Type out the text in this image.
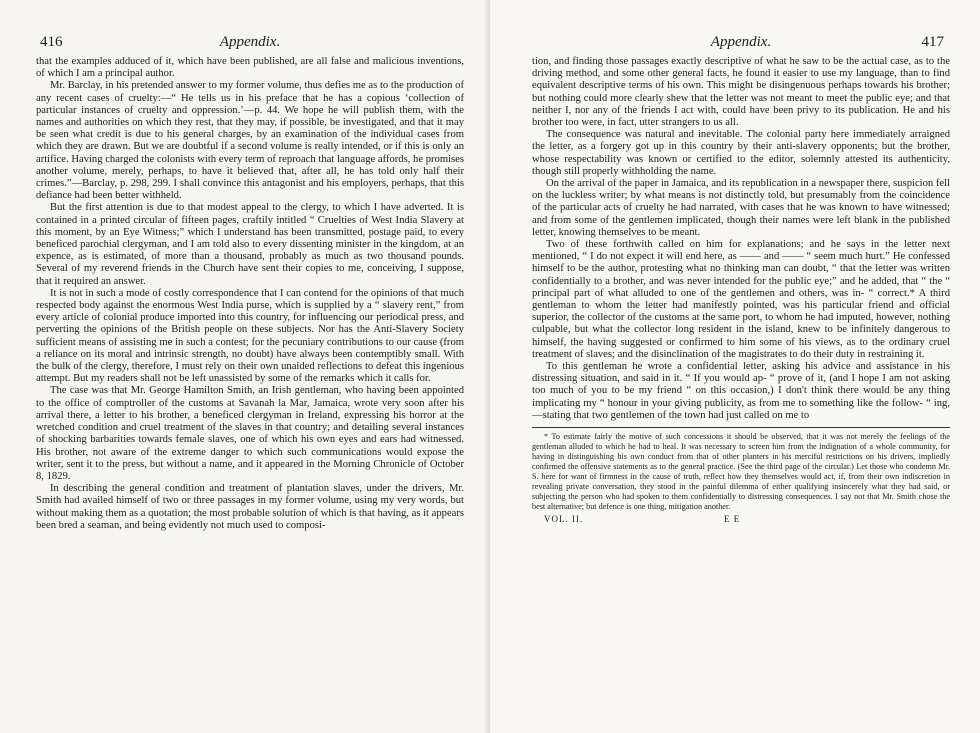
416	Appendix.

that the examples adduced of it, which have been published, are all false and malicious inventions, of which I am a principal author.

Mr. Barclay, in his pretended answer to my former volume, thus defies me as to the production of any recent cases of cruelty:—“ He tells us in his preface that he has a copious ‘collection of particular instances of cruelty and oppression.’—p. 44. We hope he will publish them, with the names and authorities on which they rest, that they may, if possible, be investigated, and that it may be seen what credit is due to his general charges, by an examination of the individual cases from which they are drawn. But we are doubtful if a second volume is really intended, or if this is only an artifice. Having charged the colonists with every term of reproach that language affords, he promises another volume, merely, perhaps, to have it believed that, after all, he has told only half their crimes.”—Barclay, p. 298, 299. I shall convince this antagonist and his employers, perhaps, that this defiance had been better withheld.

But the first attention is due to that modest appeal to the clergy, to which I have adverted. It is contained in a printed circular of fifteen pages, craftily intitled “ Cruelties of West India Slavery at this moment, by an Eye Witness;” which I understand has been transmitted, postage paid, to every beneficed parochial clergyman, and I am told also to every dissenting minister in the kingdom, at an expence, as is estimated, of more than a thousand, probably as much as two thousand pounds. Several of my reverend friends in the Church have sent their copies to me, conceiving, I suppose, that it required an answer.

It is not in such a mode of costly correspondence that I can contend for the opinions of that much respected body against the enormous West India purse, which is supplied by a “ slavery rent,” from every article of colonial produce imported into this country, for influencing our periodical press, and perverting the opinions of the British people on these subjects. Nor has the Anti-Slavery Society sufficient means of assisting me in such a contest; for the pecuniary contributions to our cause (from a reliance on its moral and intrinsic strength, no doubt) have always been contemptibly small. With the bulk of the clergy, therefore, I must rely on their own unaided reflections to defeat this ingenious attempt. But my readers shall not be left unassisted by some of the remarks which it calls for.

The case was that Mr. George Hamilton Smith, an Irish gentleman, who having been appointed to the office of comptroller of the customs at Savanah la Mar, Jamaica, wrote very soon after his arrival there, a letter to his brother, a beneficed clergyman in Ireland, expressing his horror at the wretched condition and cruel treatment of the slaves in that country; and detailing several instances of shocking barbarities towards female slaves, one of which his own eyes and ears had witnessed. His brother, not aware of the extreme danger to which such communications would expose the writer, sent it to the press, but without a name, and it appeared in the Morning Chronicle of October 8, 1829.

In describing the general condition and treatment of plantation slaves, under the drivers, Mr. Smith had availed himself of two or three passages in my former volume, using my very words, but without making them as a quotation; the most probable solution of which is that having, as it appears been bred a seaman, and being evidently not much used to composi-

Appendix.	417

tion, and finding those passages exactly descriptive of what he saw to be the actual case, as to the driving method, and some other general facts, he found it easier to use my language, than to find equivalent descriptive terms of his own. This might be disingenuous perhaps towards his brother; but nothing could more clearly shew that the letter was not meant to meet the public eye; and that neither I, nor any of the friends I act with, could have been privy to its publication. He and his brother too were, in fact, utter strangers to us all.

The consequence was natural and inevitable. The colonial party here immediately arraigned the letter, as a forgery got up in this country by their anti-slavery opponents; but the brother, whose respectability was known or certified to the editor, solemnly attested its authenticity, though still properly withholding the name.

On the arrival of the paper in Jamaica, and its republication in a newspaper there, suspicion fell on the luckless writer; by what means is not distinctly told, but presumably from the coincidence of the particular acts of cruelty he had narrated, with cases that he was known to have witnessed; and from some of the gentlemen implicated, though their names were left blank in the published letter, knowing themselves to be meant.

Two of these forthwith called on him for explanations; and he says in the letter next mentioned, “ I do not expect it will end here, as —— and —— “ seem much hurt.” He confessed himself to be the author, protesting what no thinking man can doubt, “ that the letter was written confidentially to a brother, and was never intended for the public eye;” and he added, that “ the “ principal part of what alluded to one of the gentlemen and others, was in- “ correct.* A third gentleman to whom the letter had manifestly pointed, was his particular friend and official superior, the collector of the customs at the same port, to whom he had imputed, however, nothing culpable, but what the collector long resident in the island, knew to be infinitely dangerous to himself, the having suggested or confirmed to him some of his views, as to the ordinary cruel treatment of slaves; and the disinclination of the magistrates to do their duty in restraining it.

To this gentleman he wrote a confidential letter, asking his advice and assistance in his distressing situation, and said in it. “ If you would ap- “ prove of it, (and I hope I am not asking too much of you to be my friend “ on this occasion,) I don't think there would be any thing implicating my “ honour in your giving publicity, as from me to something like the follow- “ ing,—stating that two gentlemen of the town had just called on me to

* To estimate fairly the motive of such concessions it should be observed, that it was not merely the feelings of the gentleman alluded to which he had to heal. It was necessary to screen him from the indignation of a whole community, for having in distinguishing his own conduct from that of other planters in his merciful restrictions on his drivers, impliedly confirmed the offensive statements as to the general practice. (See the third page of the circular.) Let those who condemn Mr. S. here for want of firmness in the cause of truth, reflect how they themselves would act, if, from their own indiscretion in revealing private conversation, they stood in the painful dilemma of either qualifying insincerely what they had said, or subjecting the person who had spoken to them confidentially to distressing consequences. I say not that Mr. Smith chose the best alternative; but defence is one thing, mitigation another.

VOL. II.	E E
